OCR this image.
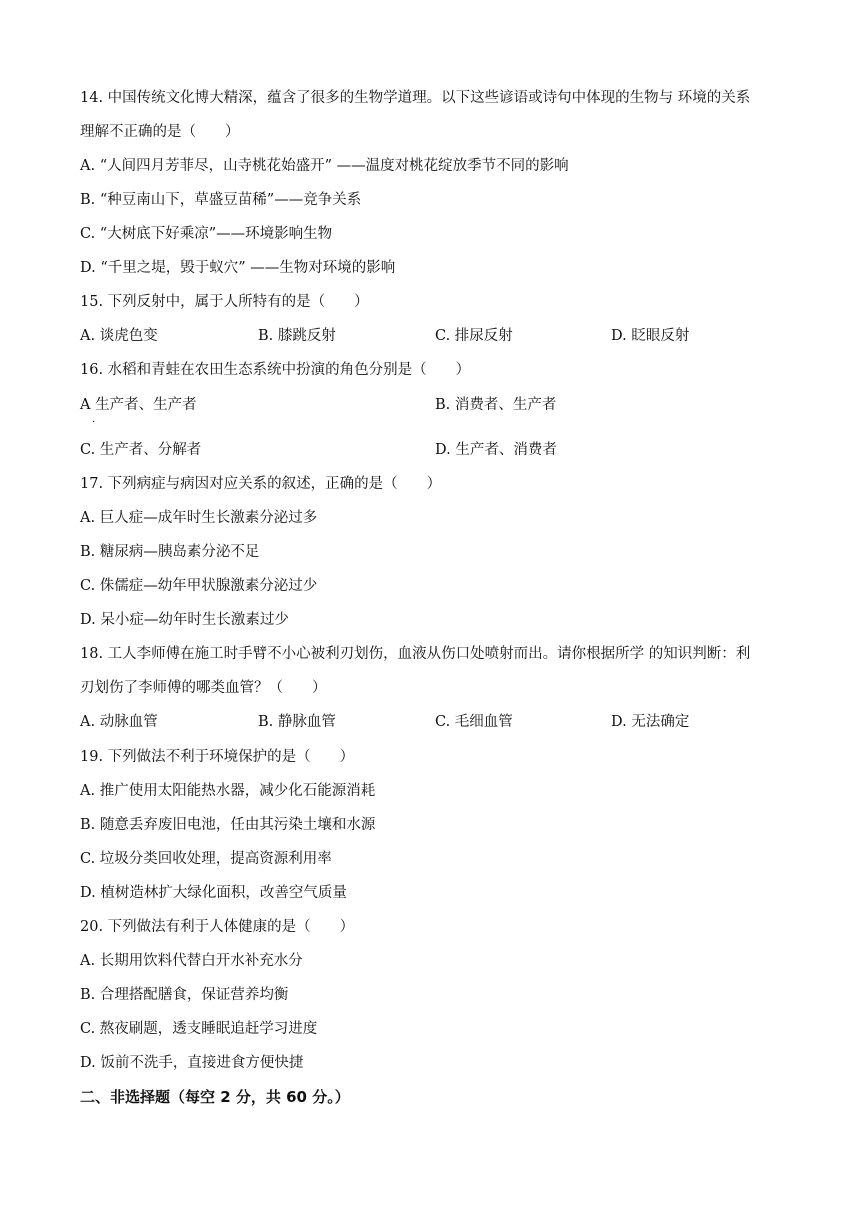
14. 中国传统文化博大精深，蕴含了很多的生物学道理。以下这些谚语或诗句中体现的生物与 环境的关系
理解不正确的是（　　）
A. “人间四月芳菲尽，山寺桃花始盛开” ——温度对桃花绽放季节不同的影响
B. “种豆南山下，草盛豆苗稀”——竞争关系
C. “大树底下好乘凉”——环境影响生物
D. “千里之堤，毁于蚁穴” ——生物对环境的影响
15. 下列反射中，属于人所特有的是（　　）
A. 谈虎色变	B. 膝跳反射	C. 排尿反射	D. 眨眼反射
16. 水稻和青蛙在农田生态系统中扮演的角色分别是（　　）
A 生产者、生产者
·
B. 消费者、生产者
C. 生产者、分解者	D. 生产者、消费者
17. 下列病症与病因对应关系的叙述，正确的是（　　）
A. 巨人症—成年时生长激素分泌过多
B. 糖尿病—胰岛素分泌不足
C. 侏儒症—幼年甲状腺激素分泌过少
D. 呆小症—幼年时生长激素过少
18. 工人李师傅在施工时手臂不小心被利刃划伤，血液从伤口处喷射而出。请你根据所学 的知识判断：利
刃划伤了李师傅的哪类血管？（　　）
A. 动脉血管	B. 静脉血管	C. 毛细血管	D. 无法确定
19. 下列做法不利于环境保护的是（　　）
A. 推广使用太阳能热水器，减少化石能源消耗
B. 随意丢弃废旧电池，任由其污染土壤和水源
C. 垃圾分类回收处理，提高资源利用率
D. 植树造林扩大绿化面积，改善空气质量
20. 下列做法有利于人体健康的是（　　）
A. 长期用饮料代替白开水补充水分
B. 合理搭配膳食，保证营养均衡
C. 熬夜刷题，透支睡眠追赶学习进度
D. 饭前不洗手，直接进食方便快捷
二、非选择题（每空 2 分，共 60 分。）
